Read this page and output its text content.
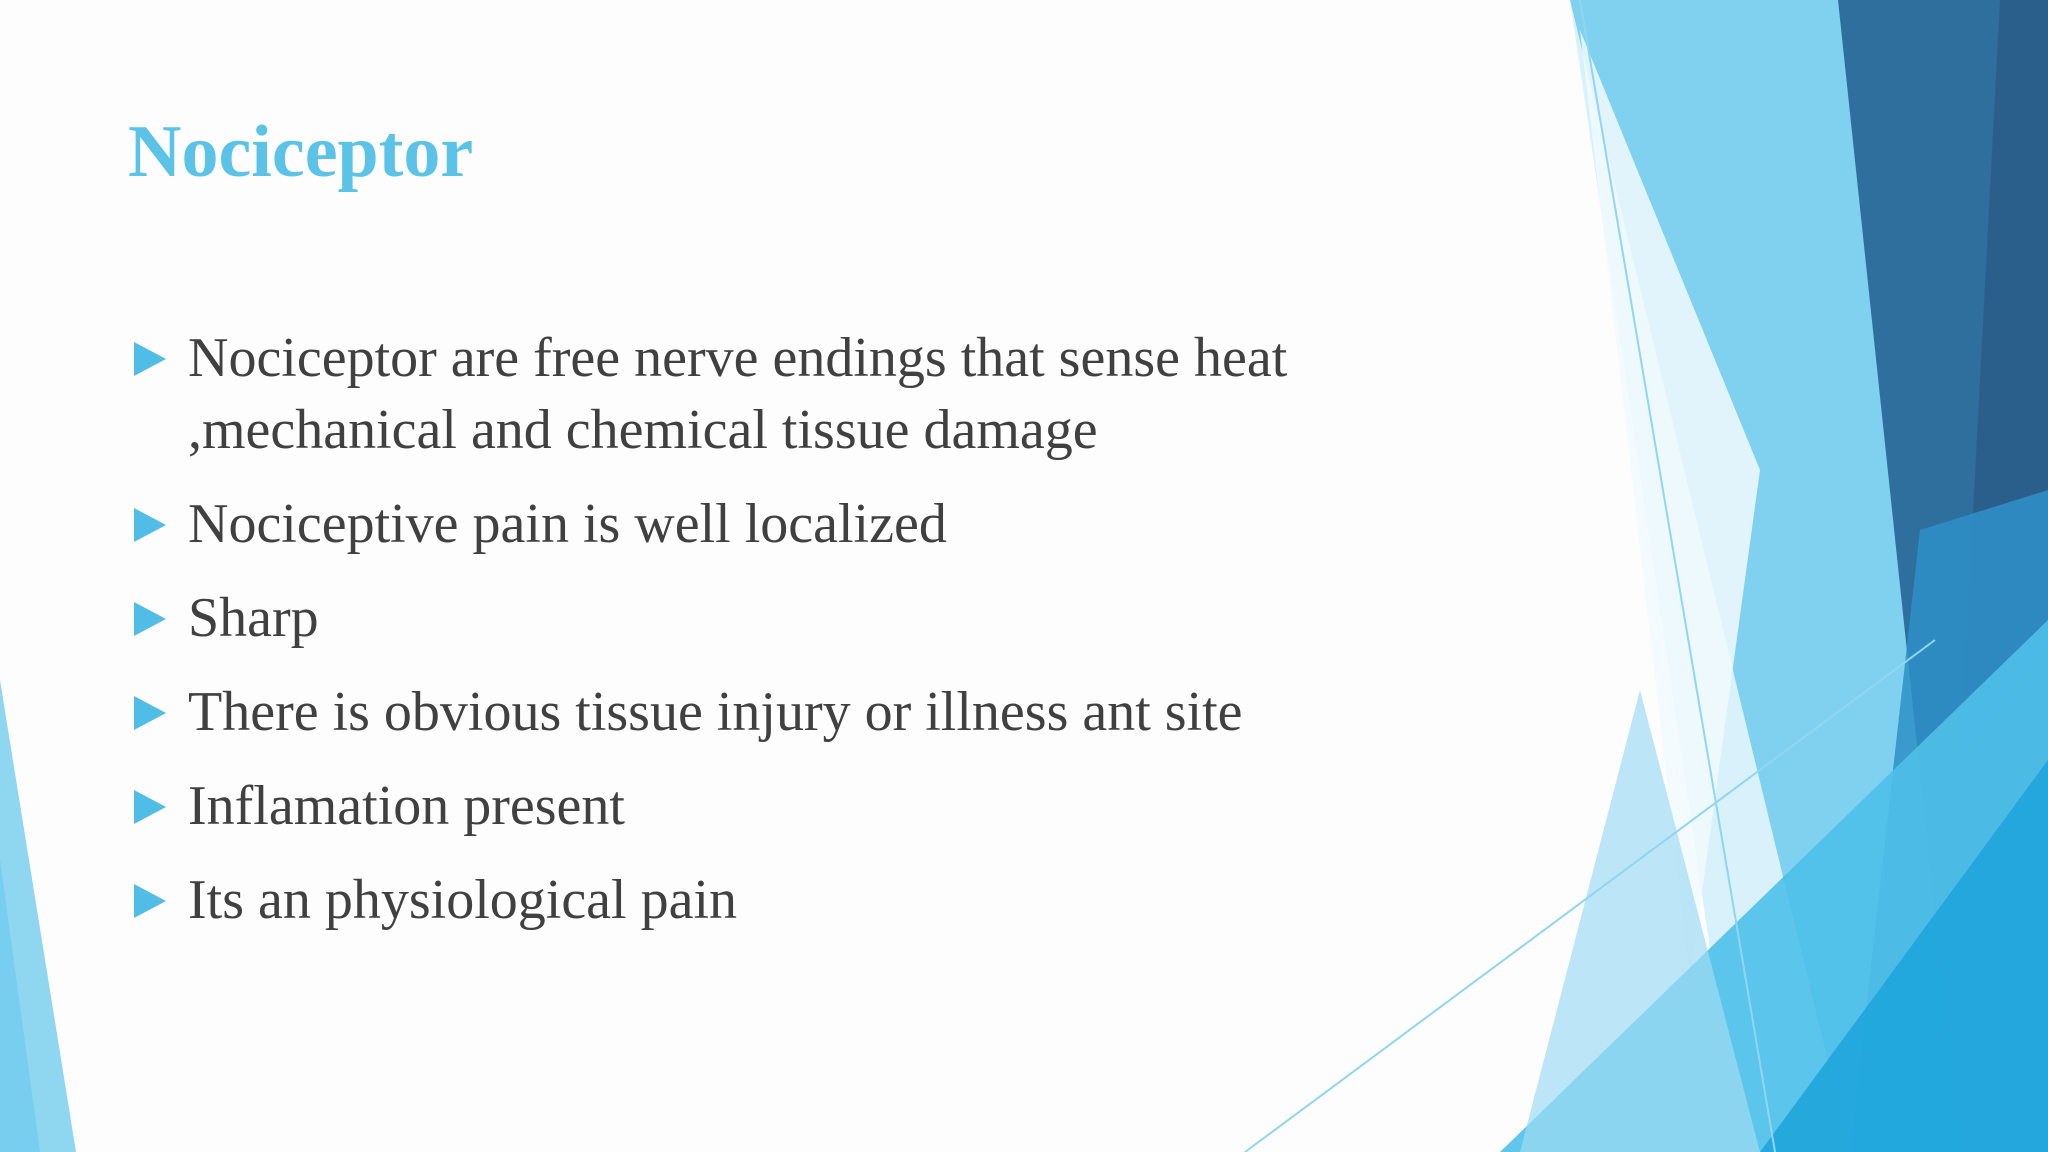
Nociceptor
Nociceptor are free nerve endings that sense heat ,mechanical and chemical tissue damage
Nociceptive pain is well localized
Sharp
There is obvious tissue injury or illness ant site
Inflamation present
Its an physiological pain
